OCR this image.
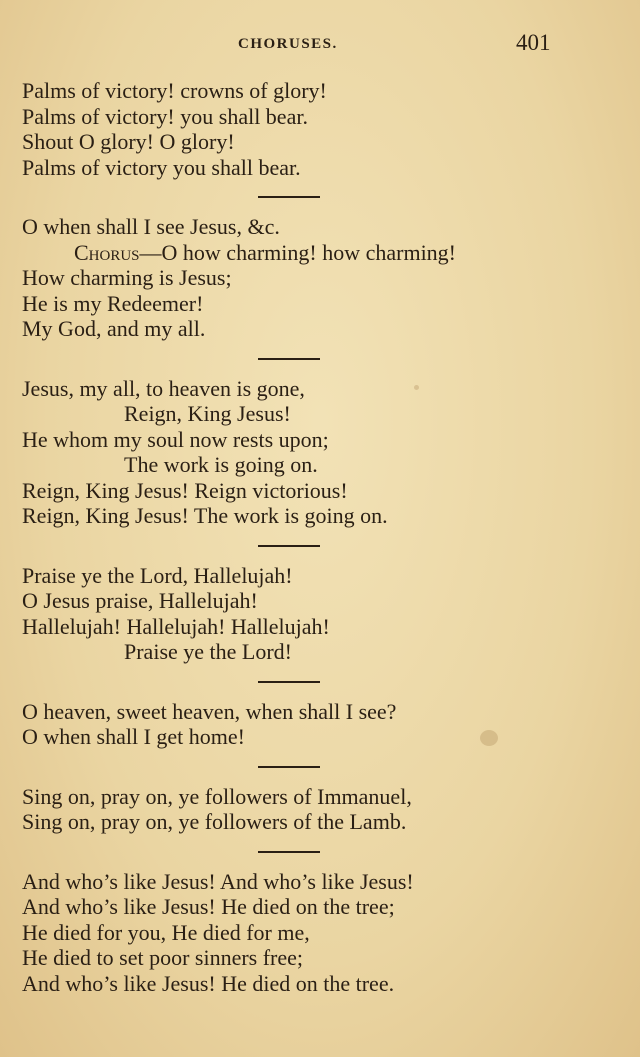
CHORUSES.	401
Palms of victory! crowns of glory!
Palms of victory! you shall bear.
Shout O glory! O glory!
Palms of victory you shall bear.
O when shall I see Jesus, &c.
Chorus—O how charming! how charming!
How charming is Jesus;
He is my Redeemer!
My God, and my all.
Jesus, my all, to heaven is gone,
Reign, King Jesus!
He whom my soul now rests upon;
The work is going on.
Reign, King Jesus! Reign victorious!
Reign, King Jesus! The work is going on.
Praise ye the Lord, Hallelujah!
O Jesus praise, Hallelujah!
Hallelujah! Hallelujah! Hallelujah!
Praise ye the Lord!
O heaven, sweet heaven, when shall I see?
O when shall I get home!
Sing on, pray on, ye followers of Immanuel,
Sing on, pray on, ye followers of the Lamb.
And who’s like Jesus! And who’s like Jesus!
And who’s like Jesus! He died on the tree;
He died for you, He died for me,
He died to set poor sinners free;
And who’s like Jesus! He died on the tree.
